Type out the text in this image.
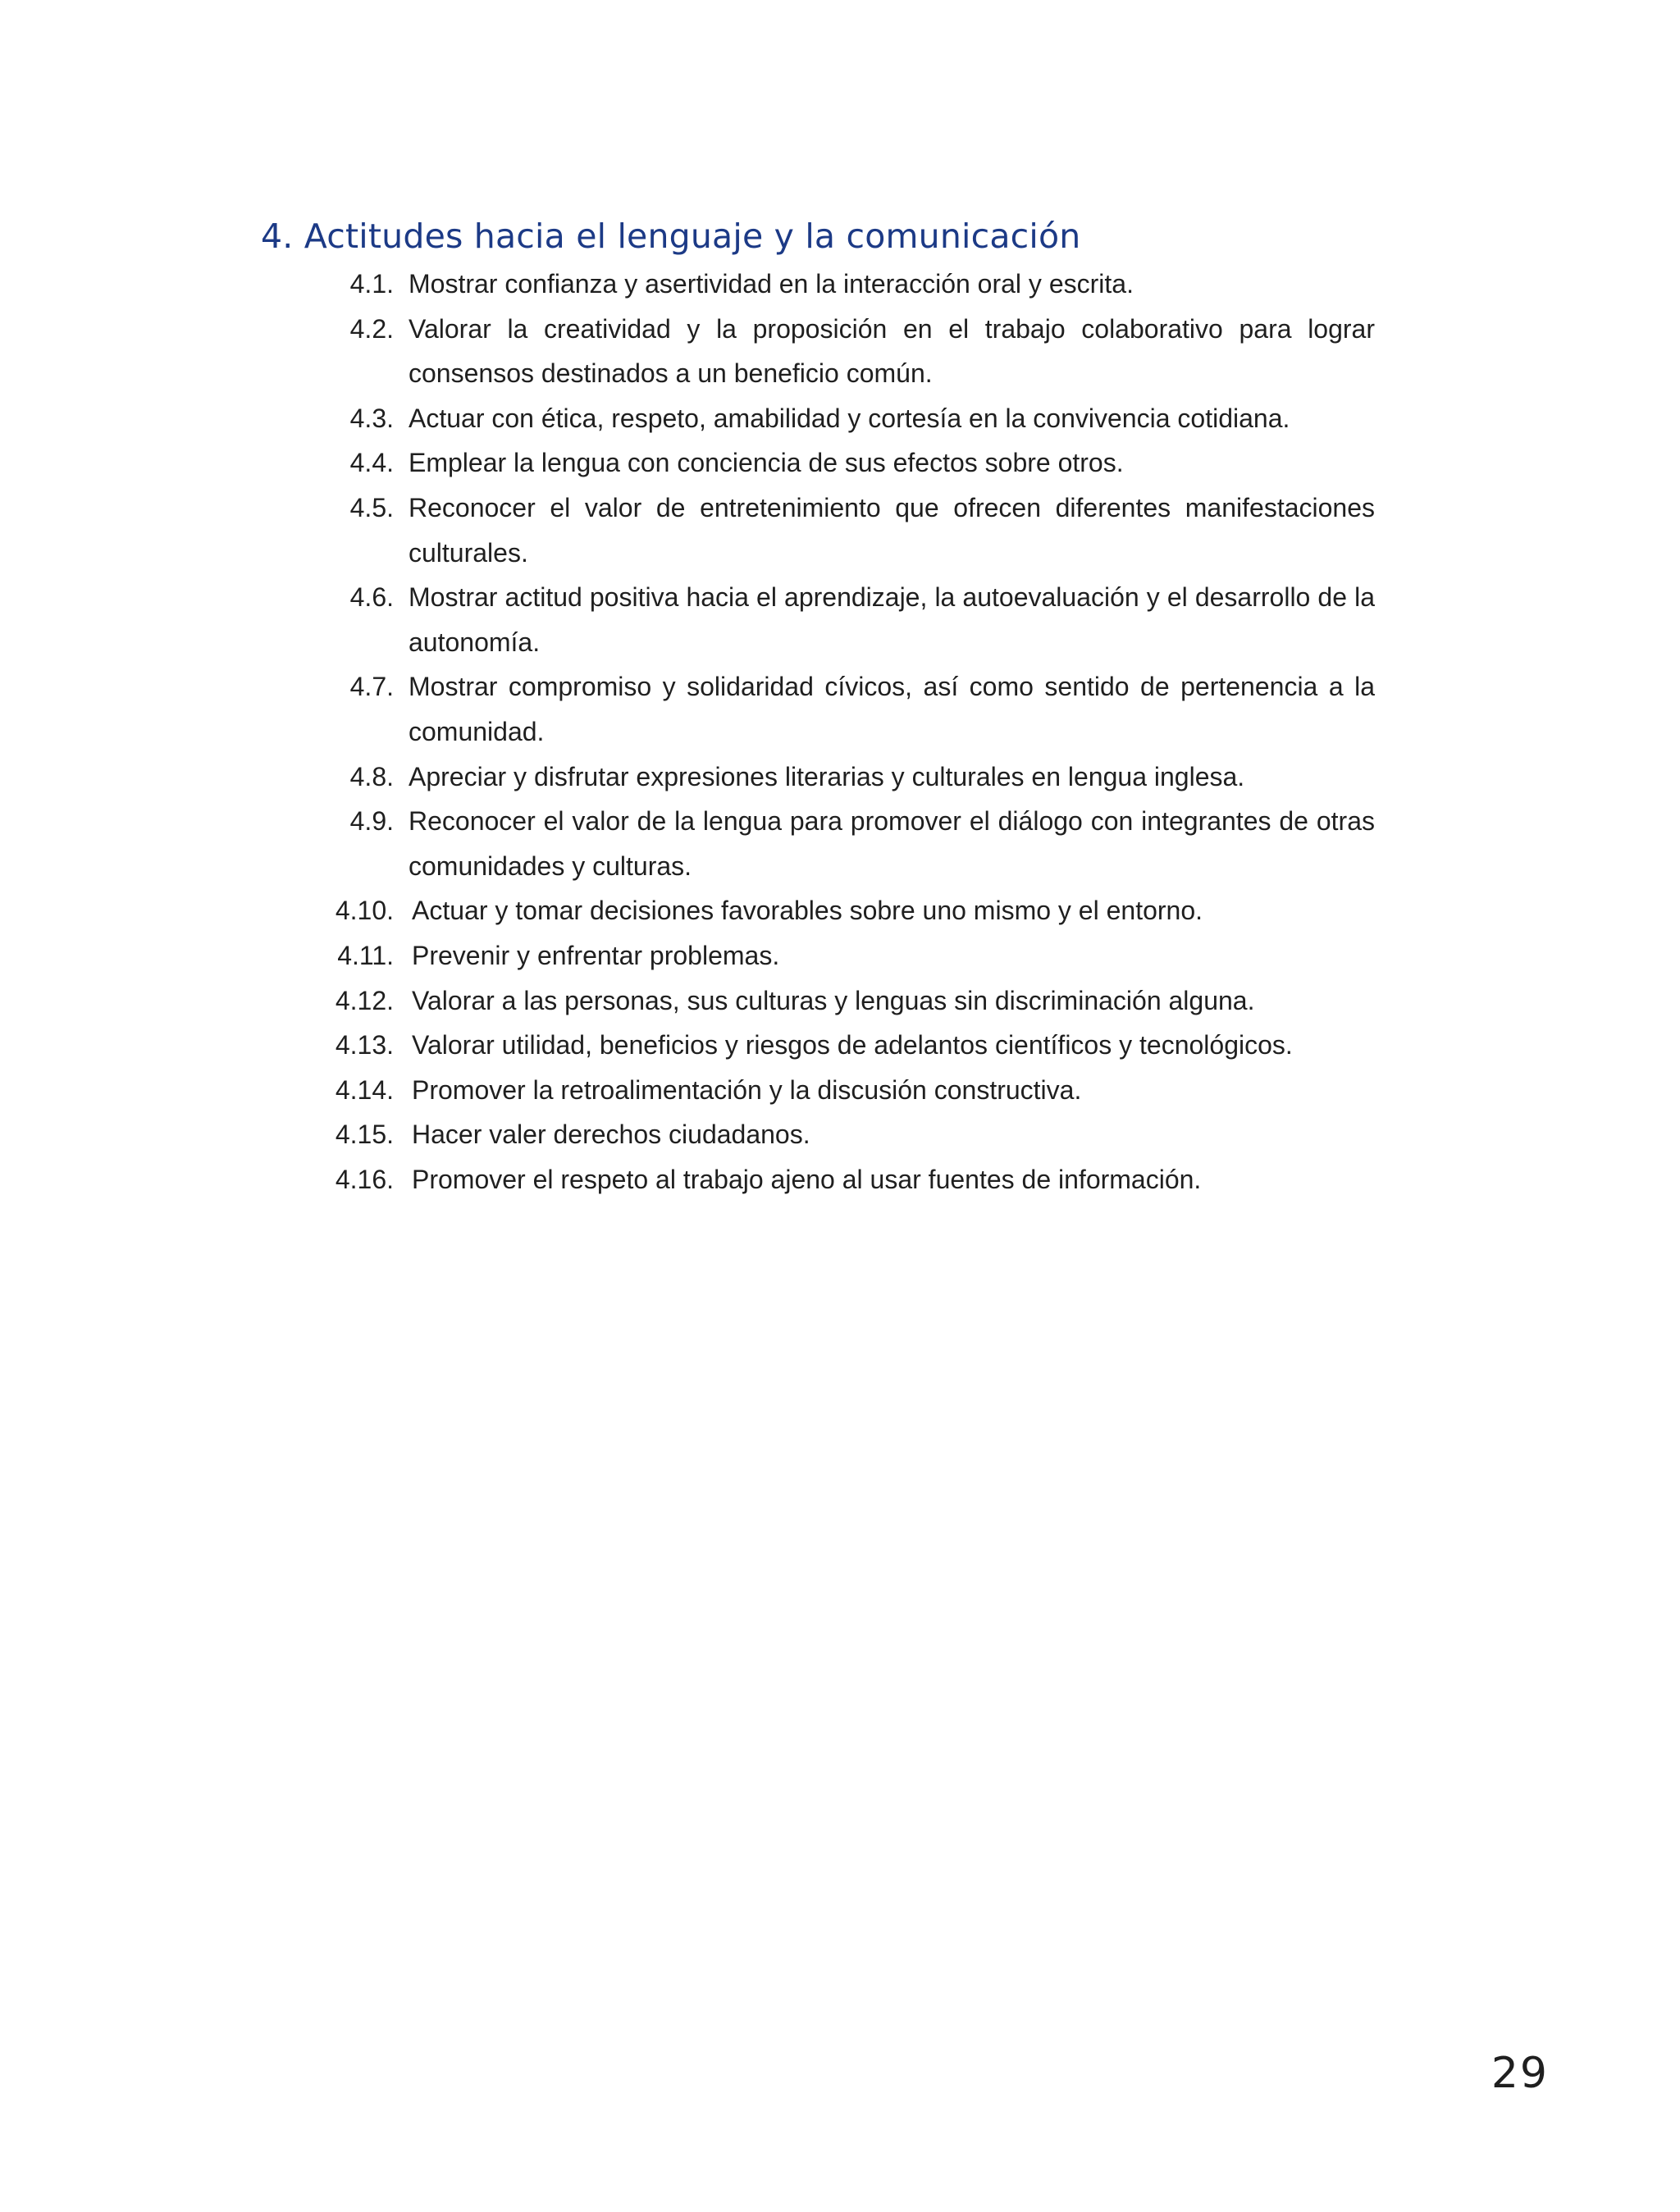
4. Actitudes hacia el lenguaje y la comunicación
4.1. Mostrar confianza y asertividad en la interacción oral y escrita.
4.2. Valorar la creatividad y la proposición en el trabajo colaborativo para lograr consensos destinados a un beneficio común.
4.3. Actuar con ética, respeto, amabilidad y cortesía en la convivencia cotidiana.
4.4. Emplear la lengua con conciencia de sus efectos sobre otros.
4.5. Reconocer el valor de entretenimiento que ofrecen diferentes manifestaciones culturales.
4.6. Mostrar actitud positiva hacia el aprendizaje, la autoevaluación y el desarrollo de la autonomía.
4.7. Mostrar compromiso y solidaridad cívicos, así como sentido de pertenencia a la comunidad.
4.8. Apreciar y disfrutar expresiones literarias y culturales en lengua inglesa.
4.9. Reconocer el valor de la lengua para promover el diálogo con integrantes de otras comunidades y culturas.
4.10. Actuar y tomar decisiones favorables sobre uno mismo y el entorno.
4.11. Prevenir y enfrentar problemas.
4.12. Valorar a las personas, sus culturas y lenguas sin discriminación alguna.
4.13. Valorar utilidad, beneficios y riesgos de adelantos científicos y tecnológicos.
4.14. Promover la retroalimentación y la discusión constructiva.
4.15. Hacer valer derechos ciudadanos.
4.16. Promover el respeto al trabajo ajeno al usar fuentes de información.
29
